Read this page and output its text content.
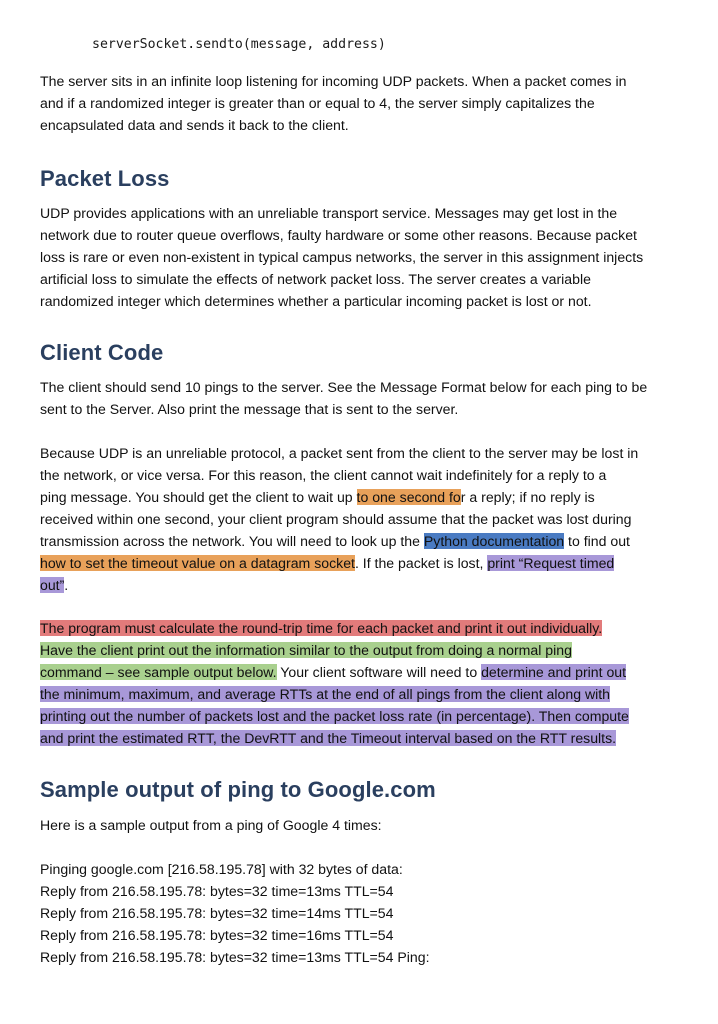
serverSocket.sendto(message, address)
The server sits in an infinite loop listening for incoming UDP packets. When a packet comes in
and if a randomized integer is greater than or equal to 4, the server simply capitalizes the
encapsulated data and sends it back to the client.
Packet Loss
UDP provides applications with an unreliable transport service. Messages may get lost in the
network due to router queue overflows, faulty hardware or some other reasons. Because packet
loss is rare or even non-existent in typical campus networks, the server in this assignment injects
artificial loss to simulate the effects of network packet loss. The server creates a variable
randomized integer which determines whether a particular incoming packet is lost or not.
Client Code
The client should send 10 pings to the server. See the Message Format below for each ping to be
sent to the Server. Also print the message that is sent to the server.
Because UDP is an unreliable protocol, a packet sent from the client to the server may be lost in
the network, or vice versa. For this reason, the client cannot wait indefinitely for a reply to a
ping message. You should get the client to wait up to one second for a reply; if no reply is
received within one second, your client program should assume that the packet was lost during
transmission across the network. You will need to look up the Python documentation to find out
how to set the timeout value on a datagram socket. If the packet is lost, print “Request timed
out”.
The program must calculate the round-trip time for each packet and print it out individually.
Have the client print out the information similar to the output from doing a normal ping
command – see sample output below. Your client software will need to determine and print out
the minimum, maximum, and average RTTs at the end of all pings from the client along with
printing out the number of packets lost and the packet loss rate (in percentage). Then compute
and print the estimated RTT, the DevRTT and the Timeout interval based on the RTT results.
Sample output of ping to Google.com
Here is a sample output from a ping of Google 4 times:
Pinging google.com [216.58.195.78] with 32 bytes of data:
Reply from 216.58.195.78: bytes=32 time=13ms TTL=54
Reply from 216.58.195.78: bytes=32 time=14ms TTL=54
Reply from 216.58.195.78: bytes=32 time=16ms TTL=54
Reply from 216.58.195.78: bytes=32 time=13ms TTL=54 Ping:
